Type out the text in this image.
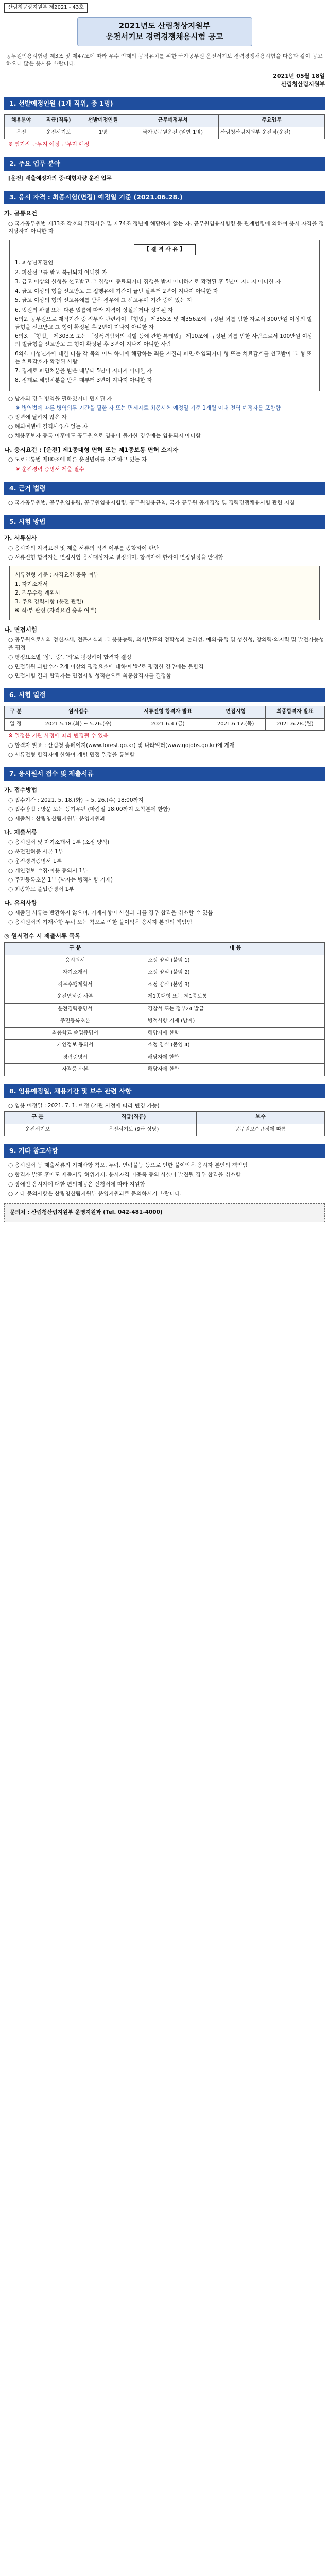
산림청공상지원부 제2021 - 43호
2021년도 산림청상지원부
운전서기보 경력경쟁채용시험 공고

공무원임용시험령 제3조 및 제47조에 따라 우수 인재의 공직유치를 위한 국가공무원 운전서기보 경력경쟁채용시험을 다음과 같이 공고하오니 많은 응시를 바랍니다.

2021년 05월 18일
산림청산림지원부
1. 선발예정인원 (1개 직위, 총 1명)
채용분야	직급(직류)	선발예정인원	근무예정부서	주요업무
운전	운전서기보	1명	국가공무원운전 (일반 1명)	산림청산림지원부 운전직(운전)

※ 임기직 근무지 예정 근무지 예정

2. 주요 업무 분야

[운전] 새출예정자의 중·대형차량 운전 업무

3. 응시 자격 : 최종시험(면접) 예정일 기준 (2021.06.28.)
가. 공통요건

○ 국가공무원법 제33조 각호의 결격사유 및 제74조 정년에 해당하지 않는 자, 공무원임용시험령 등 관계법령에 의하여 응시 자격을 정지당하지 아니한 자

【 결 격 사 유 】

1. 피성년후견인

2. 파산선고를 받고 복권되지 아니한 자

3. 금고 이상의 실형을 선고받고 그 집행이 종료되거나 집행을 받지 아니하기로 확정된 후 5년이 지나지 아니한 자

4. 금고 이상의 형을 선고받고 그 집행유예 기간이 끝난 날부터 2년이 지나지 아니한 자

5. 금고 이상의 형의 선고유예를 받은 경우에 그 선고유예 기간 중에 있는 자

6. 법원의 판결 또는 다른 법률에 따라 자격이 상실되거나 정지된 자

6의2. 공무원으로 재직기간 중 직무와 관련하여 「형법」 제355조 및 제356조에 규정된 죄를 범한 자로서 300만원 이상의 벌금형을 선고받고 그 형이 확정된 후 2년이 지나지 아니한 자

6의3. 「형법」 제303조 또는 「성폭력범죄의 처벌 등에 관한 특례법」 제10조에 규정된 죄를 범한 사람으로서 100만원 이상의 벌금형을 선고받고 그 형이 확정된 후 3년이 지나지 아니한 사람

6의4. 미성년자에 대한 다음 각 목의 어느 하나에 해당하는 죄를 저질러 파면·해임되거나 형 또는 치료감호를 선고받아 그 형 또는 치료감호가 확정된 사람

7. 징계로 파면처분을 받은 때부터 5년이 지나지 아니한 자

8. 징계로 해임처분을 받은 때부터 3년이 지나지 아니한 자

○ 남자의 경우 병역을 필하였거나 면제된 자

※ 병역법에 따른 병역의무 기간을 필한 자 또는 면제자로 최종시험 예정일 기준 1개월 이내 전역 예정자를 포함함

○ 정년에 달하지 않은 자

○ 해외여행에 결격사유가 없는 자

○ 채용후보자 등록 이후에도 공무원으로 임용이 불가한 경우에는 임용되지 아니함

나. 응시요건 : [운전] 제1종대형 면허 또는 제1종보통 면허 소지자

○ 도로교통법 제80조에 따른 운전면허를 소지하고 있는 자

※ 운전경력 증명서 제출 필수

4. 근거 법령

○ 국가공무원법, 공무원임용령, 공무원임용시험령, 공무원임용규칙, 국가 공무원 공개경쟁 및 경력경쟁채용시험 관련 지침

5. 시험 방법
가. 서류심사

○ 응시자의 자격요건 및 제출 서류의 적격 여부를 종합하여 판단

○ 서류전형 합격자는 면접시험 응시대상자로 결정되며, 합격자에 한하여 면접일정을 안내함

서류전형 기준 : 자격요건 충족 여부

1. 자기소개서

2. 직무수행 계획서

3. 주요 경력사항 (운전 관련)

※ 적·부 판정 (자격요건 충족 여부)

나. 면접시험

○ 공무원으로서의 정신자세, 전문지식과 그 응용능력, 의사발표의 정확성과 논리성, 예의·품행 및 성실성, 창의력·의지력 및 발전가능성을 평정

○ 평정요소별 '상', '중', '하'로 평정하여 합격자 결정

○ 면접위원 과반수가 2개 이상의 평정요소에 대하여 '하'로 평정한 경우에는 불합격

○ 면접시험 결과 합격자는 면접시험 성적순으로 최종합격자를 결정함

6. 시험 일정
구 분	원서접수	서류전형 합격자 발표	면접시험	최종합격자 발표
일 정	2021.5.18.(화) ~ 5.26.(수)	2021.6.4.(금)	2021.6.17.(목)	2021.6.28.(월)

※ 일정은 기관 사정에 따라 변경될 수 있음

○ 합격자 발표 : 산림청 홈페이지(www.forest.go.kr) 및 나라일터(www.gojobs.go.kr)에 게재

○ 서류전형 합격자에 한하여 개별 면접 일정을 통보함

7. 응시원서 접수 및 제출서류
가. 접수방법

○ 접수기간 : 2021. 5. 18.(화) ~ 5. 26.(수) 18:00까지

○ 접수방법 : 방문 또는 등기우편 (마감일 18:00까지 도착분에 한함)

○ 제출처 : 산림청산림지원부 운영지원과

나. 제출서류

○ 응시원서 및 자기소개서 1부 (소정 양식)

○ 운전면허증 사본 1부

○ 운전경력증명서 1부

○ 개인정보 수집·이용 동의서 1부

○ 주민등록초본 1부 (남자는 병적사항 기재)

○ 최종학교 졸업증명서 1부

다. 유의사항

○ 제출된 서류는 반환하지 않으며, 기재사항이 사실과 다를 경우 합격을 취소할 수 있음

○ 응시원서의 기재사항 누락 또는 착오로 인한 불이익은 응시자 본인의 책임임

◎ 원서접수 시 제출서류 목록
구 분	내 용
응시원서	소정 양식 (붙임 1)
자기소개서	소정 양식 (붙임 2)
직무수행계획서	소정 양식 (붙임 3)
운전면허증 사본	제1종대형 또는 제1종보통
운전경력증명서	경찰서 또는 정부24 발급
주민등록초본	병적사항 기재 (남자)
최종학교 졸업증명서	해당자에 한함
개인정보 동의서	소정 양식 (붙임 4)
경력증명서	해당자에 한함
자격증 사본	해당자에 한함
8. 임용예정일, 채용기간 및 보수 관련 사항

○ 임용 예정일 : 2021. 7. 1. 예정 (기관 사정에 따라 변경 가능)

구 분	직급(직류)	보수
운전서기보	운전서기보 (9급 상당)	공무원보수규정에 따름
9. 기타 참고사항

○ 응시원서 등 제출서류의 기재사항 착오, 누락, 연락불능 등으로 인한 불이익은 응시자 본인의 책임임

○ 합격자 발표 후에도 제출서류 허위기재, 응시자격 미충족 등의 사실이 발견될 경우 합격을 취소함

○ 장애인 응시자에 대한 편의제공은 신청서에 따라 지원함

○ 기타 문의사항은 산림청산림지원부 운영지원과로 문의하시기 바랍니다.

문의처 : 산림청산림지원부 운영지원과 (Tel. 042-481-4000)
